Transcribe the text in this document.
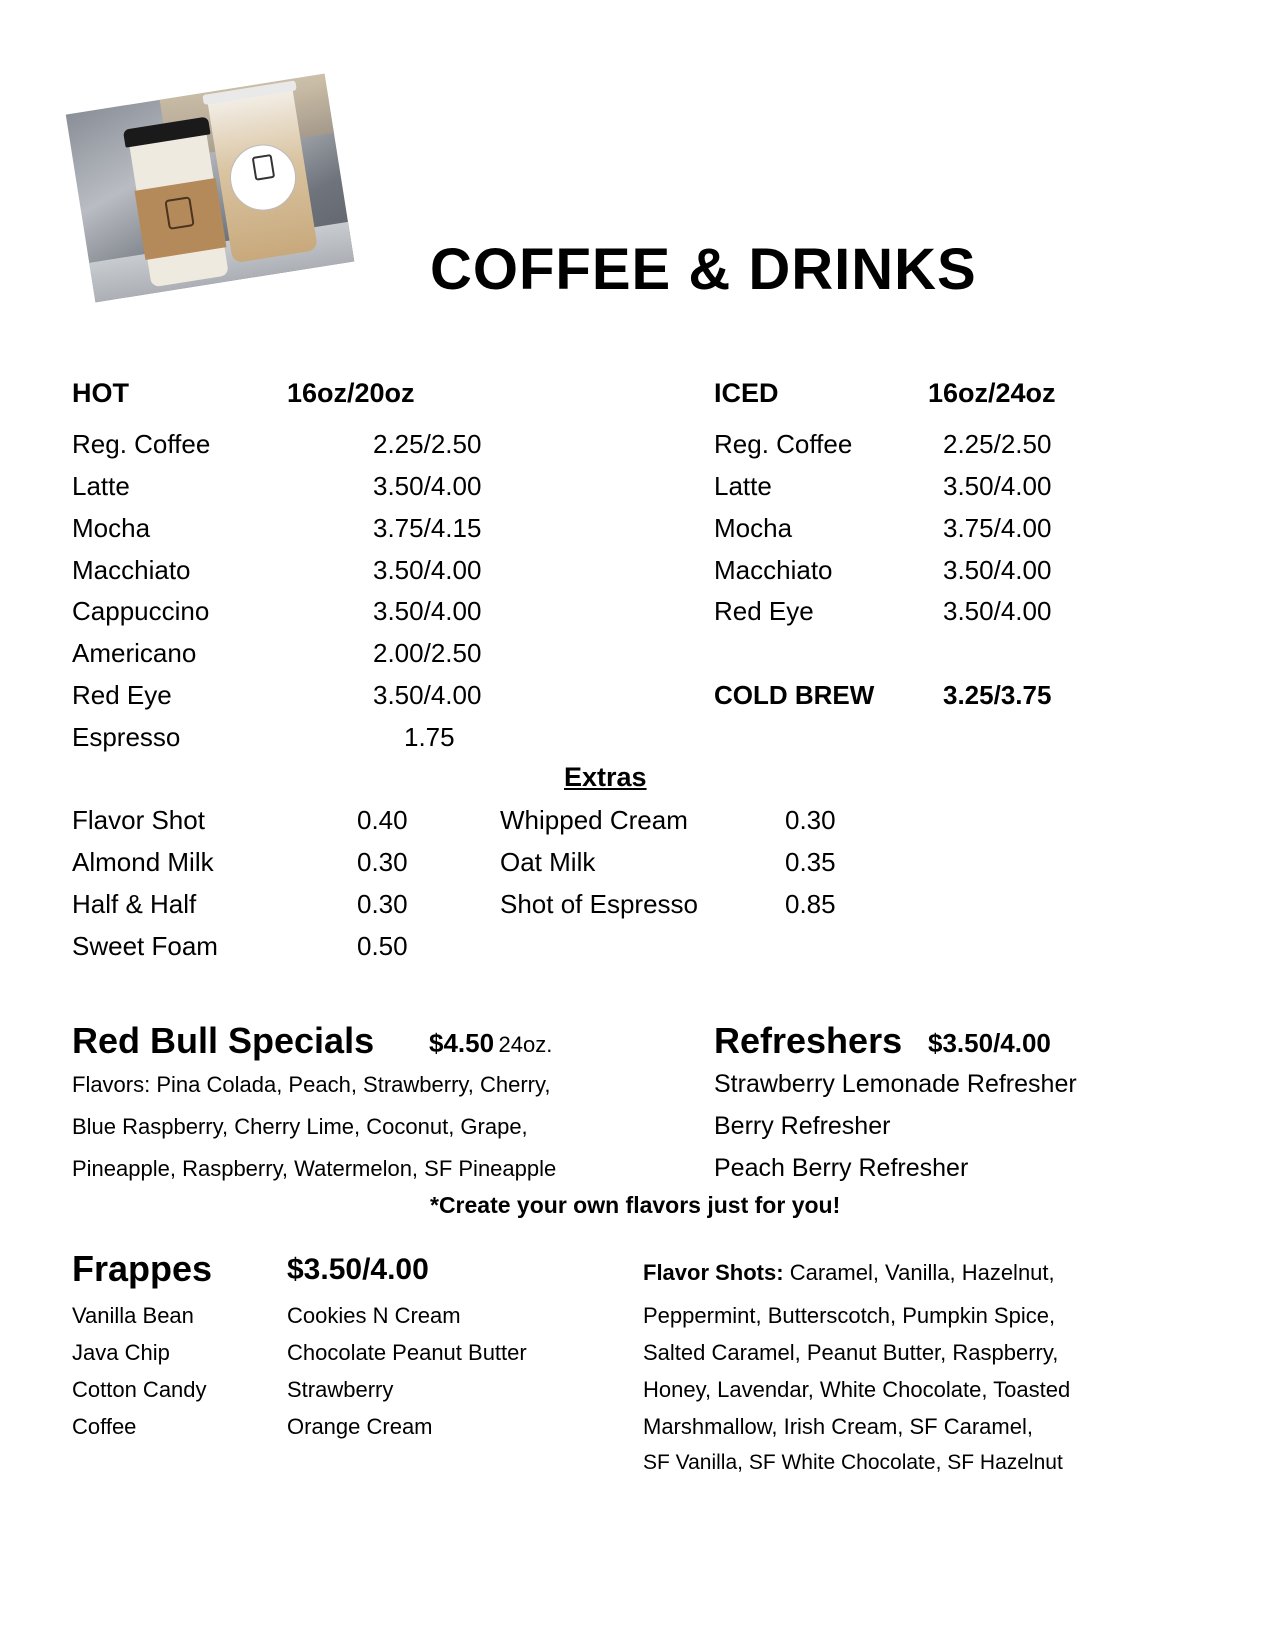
COFFEE & DRINKS
HOT	16oz/20oz
Reg. Coffee	2.25/2.50
Latte	3.50/4.00
Mocha	3.75/4.15
Macchiato	3.50/4.00
Cappuccino	3.50/4.00
Americano	2.00/2.50
Red Eye	3.50/4.00
Espresso	1.75
ICED	16oz/24oz
Reg. Coffee	2.25/2.50
Latte	3.50/4.00
Mocha	3.75/4.00
Macchiato	3.50/4.00
Red Eye	3.50/4.00
COLD BREW	3.25/3.75
Extras
Flavor Shot	0.40
Almond Milk	0.30
Half & Half	0.30
Sweet Foam	0.50
Whipped Cream	0.30
Oat Milk	0.35
Shot of Espresso	0.85
Red Bull Specials $4.50 24oz.
Flavors: Pina Colada, Peach, Strawberry, Cherry,
Blue Raspberry, Cherry Lime, Coconut, Grape,
Pineapple, Raspberry, Watermelon, SF Pineapple
Refreshers $3.50/4.00
Strawberry Lemonade Refresher
Berry Refresher
Peach Berry Refresher
*Create your own flavors just for you!
Frappes $3.50/4.00
Vanilla Bean
Java Chip
Cotton Candy
Coffee
Cookies N Cream
Chocolate Peanut Butter
Strawberry
Orange Cream
Flavor Shots: Caramel, Vanilla, Hazelnut,
Peppermint, Butterscotch, Pumpkin Spice,
Salted Caramel, Peanut Butter, Raspberry,
Honey, Lavendar, White Chocolate, Toasted
Marshmallow, Irish Cream, SF Caramel,
SF Vanilla, SF White Chocolate, SF Hazelnut
